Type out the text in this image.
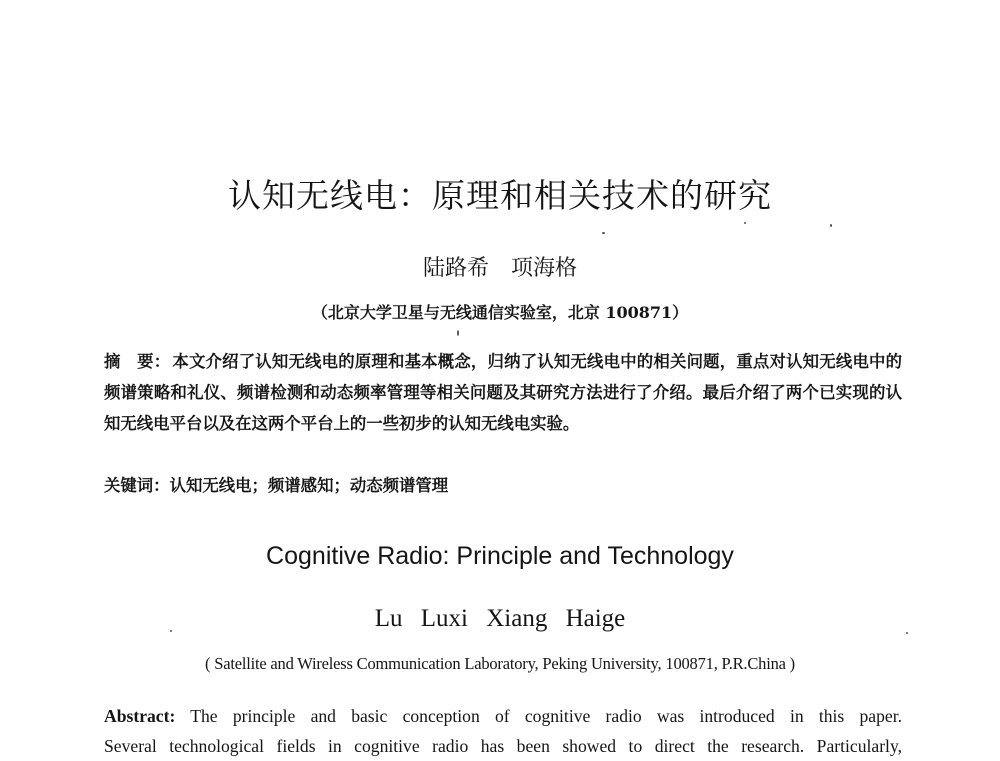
认知无线电：原理和相关技术的研究
陆路希　项海格
（北京大学卫星与无线通信实验室，北京 100871）
摘　要： 本文介绍了认知无线电的原理和基本概念，归纳了认知无线电中的相关问题，重点对认知无线电中的频谱策略和礼仪、频谱检测和动态频率管理等相关问题及其研究方法进行了介绍。最后介绍了两个已实现的认知无线电平台以及在这两个平台上的一些初步的认知无线电实验。
关键词：认知无线电；频谱感知；动态频谱管理
Cognitive Radio: Principle and Technology
Lu Luxi Xiang Haige
( Satellite and Wireless Communication Laboratory, Peking University, 100871, P.R.China )
Abstract: The principle and basic conception of cognitive radio was introduced in this paper.
Several technological fields in cognitive radio has been showed to direct the research. Particularly,
